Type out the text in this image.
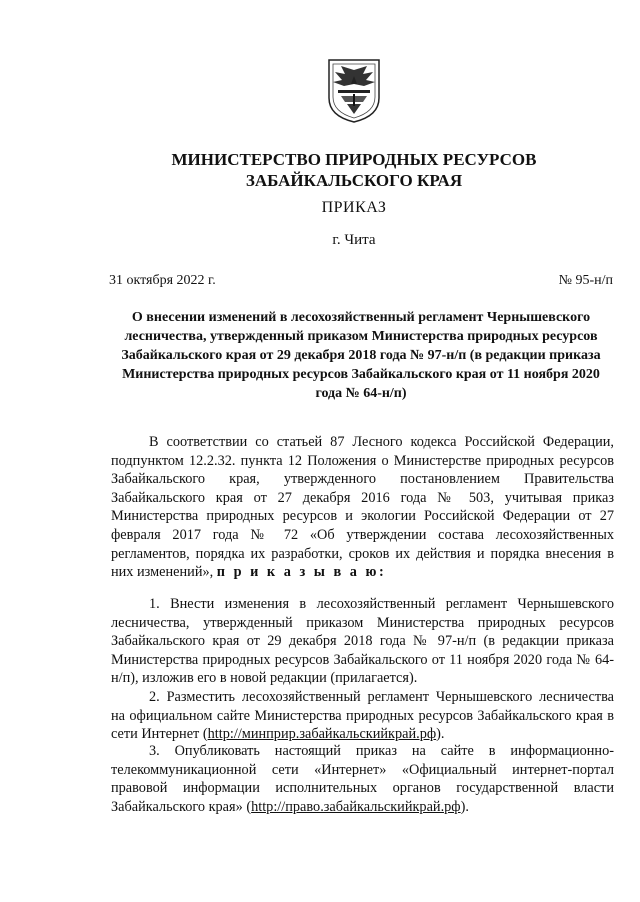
МИНИСТЕРСТВО ПРИРОДНЫХ РЕСУРСОВ
ЗАБАЙКАЛЬСКОГО КРАЯ
ПРИКАЗ
г. Чита
31 октября 2022 г.	№ 95-н/п
О внесении изменений в лесохозяйственный регламент Чернышевского лесничества, утвержденный приказом Министерства природных ресурсов Забайкальского края от 29 декабря 2018 года № 97-н/п (в редакции приказа Министерства природных ресурсов Забайкальского края от 11 ноября 2020 года № 64-н/п)
В соответствии со статьей 87 Лесного кодекса Российской Федерации, подпунктом 12.2.32. пункта 12 Положения о Министерстве природных ресурсов Забайкальского края, утвержденного постановлением Правительства Забайкальского края от 27 декабря 2016 года № 503, учитывая приказ Министерства природных ресурсов и экологии Российской Федерации от 27 февраля 2017 года № 72 «Об утверждении состава лесохозяйственных регламентов, порядка их разработки, сроков их действия и порядка внесения в них изменений», п р и к а з ы в а ю:
1. Внести изменения в лесохозяйственный регламент Чернышевского лесничества, утвержденный приказом Министерства природных ресурсов Забайкальского края от 29 декабря 2018 года № 97-н/п (в редакции приказа Министерства природных ресурсов Забайкальского от 11 ноября 2020 года № 64-н/п), изложив его в новой редакции (прилагается).
2. Разместить лесохозяйственный регламент Чернышевского лесничества на официальном сайте Министерства природных ресурсов Забайкальского края в сети Интернет (http://минприр.забайкальскийкрай.рф).
3. Опубликовать настоящий приказ на сайте в информационно-телекоммуникационной сети «Интернет» «Официальный интернет-портал правовой информации исполнительных органов государственной власти Забайкальского края» (http://право.забайкальскийкрай.рф).
